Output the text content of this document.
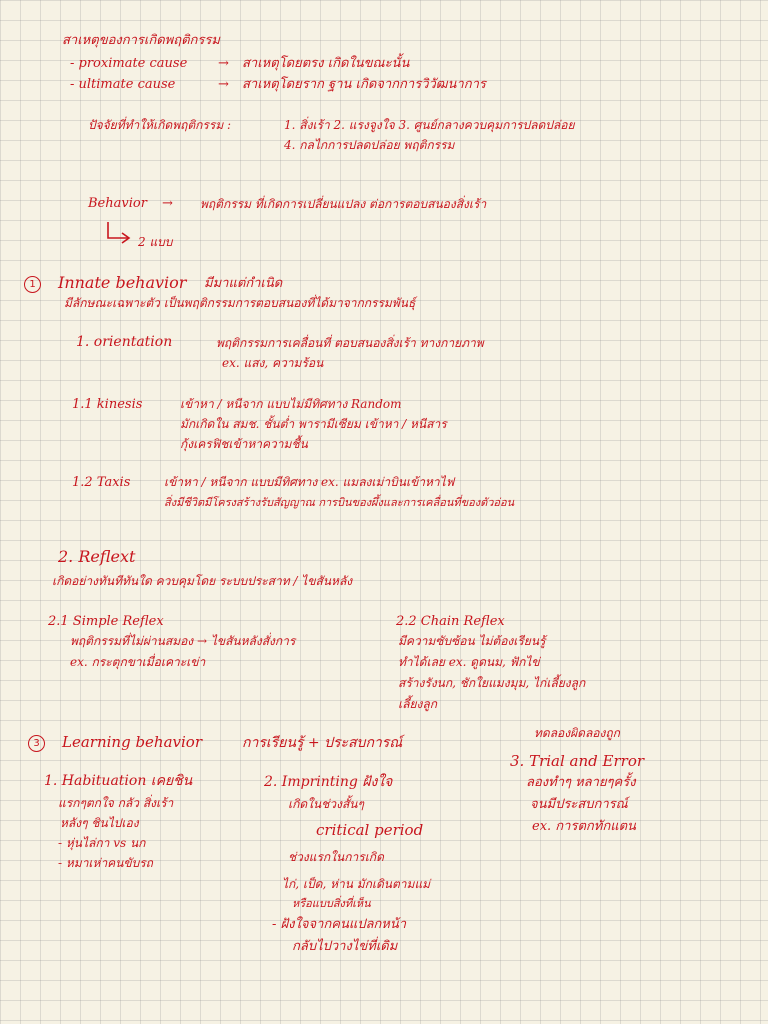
สาเหตุของการเกิดพฤติกรรม
- proximate cause → สาเหตุโดยตรง เกิดในขณะนั้น
- ultimate cause	→ สาเหตุโดยราก ฐาน เกิดจากการวิวัฒนาการ
ปัจจัยที่ทำให้เกิดพฤติกรรม :	1. สิ่งเร้า 2. แรงจูงใจ 3. ศูนย์กลางควบคุมการปลดปล่อย
4. กลไกการปลดปล่อย พฤติกรรม
Behavior → พฤติกรรม ที่เกิดการเปลี่ยนแปลง ต่อการตอบสนองสิ่งเร้า
2 แบบ
1	Innate behavior มีมาแต่กำเนิด
มีลักษณะเฉพาะตัว เป็นพฤติกรรมการตอบสนองที่ได้มาจากกรรมพันธุ์
1. orientation	พฤติกรรมการเคลื่อนที่ ตอบสนองสิ่งเร้า ทางกายภาพ
ex. แสง, ความร้อน
1.1 kinesis	เข้าหา / หนีจาก แบบไม่มีทิศทาง Random
มักเกิดใน สมช. ชั้นต่ำ พารามีเซียม เข้าหา / หนีสาร
กุ้งเครฟิชเข้าหาความชื้น
1.2 Taxis	เข้าหา / หนีจาก แบบมีทิศทาง ex. แมลงเม่าบินเข้าหาไฟ
สิ่งมีชีวิตมีโครงสร้างรับสัญญาณ การบินของผึ้งและการเคลื่อนที่ของตัวอ่อน
2. Reflext
เกิดอย่างทันทีทันใด ควบคุมโดย ระบบประสาท / ไขสันหลัง
2.1 Simple Reflex
พฤติกรรมที่ไม่ผ่านสมอง → ไขสันหลังสั่งการ
ex. กระตุกขาเมื่อเคาะเข่า
2.2 Chain Reflex
มีความซับซ้อน ไม่ต้องเรียนรู้
ทำได้เลย ex. ดูดนม, ฟักไข่
สร้างรังนก, ชักใยแมงมุม, ไก่เลี้ยงลูก
เลี้ยงลูก
3	Learning behavior	การเรียนรู้ + ประสบการณ์
ทดลองผิดลองถูก
3. Trial and Error
ลองทำๆ หลายๆครั้ง
จนมีประสบการณ์
ex. การตกทักแตน
1. Habituation เคยชิน
แรกๆตกใจ กลัว สิ่งเร้า
หลังๆ ชินไปเอง
- หุ่นไล่กา vs นก
- หมาเห่าคนขับรถ
2. Imprinting ฝังใจ
เกิดในช่วงสั้นๆ
critical period
ช่วงแรกในการเกิด
ไก่, เป็ด, ห่าน มักเดินตามแม่
หรือแบบสิ่งที่เห็น
- ฝังใจจากคนแปลกหน้า
กลับไปวางไข่ที่เดิม
